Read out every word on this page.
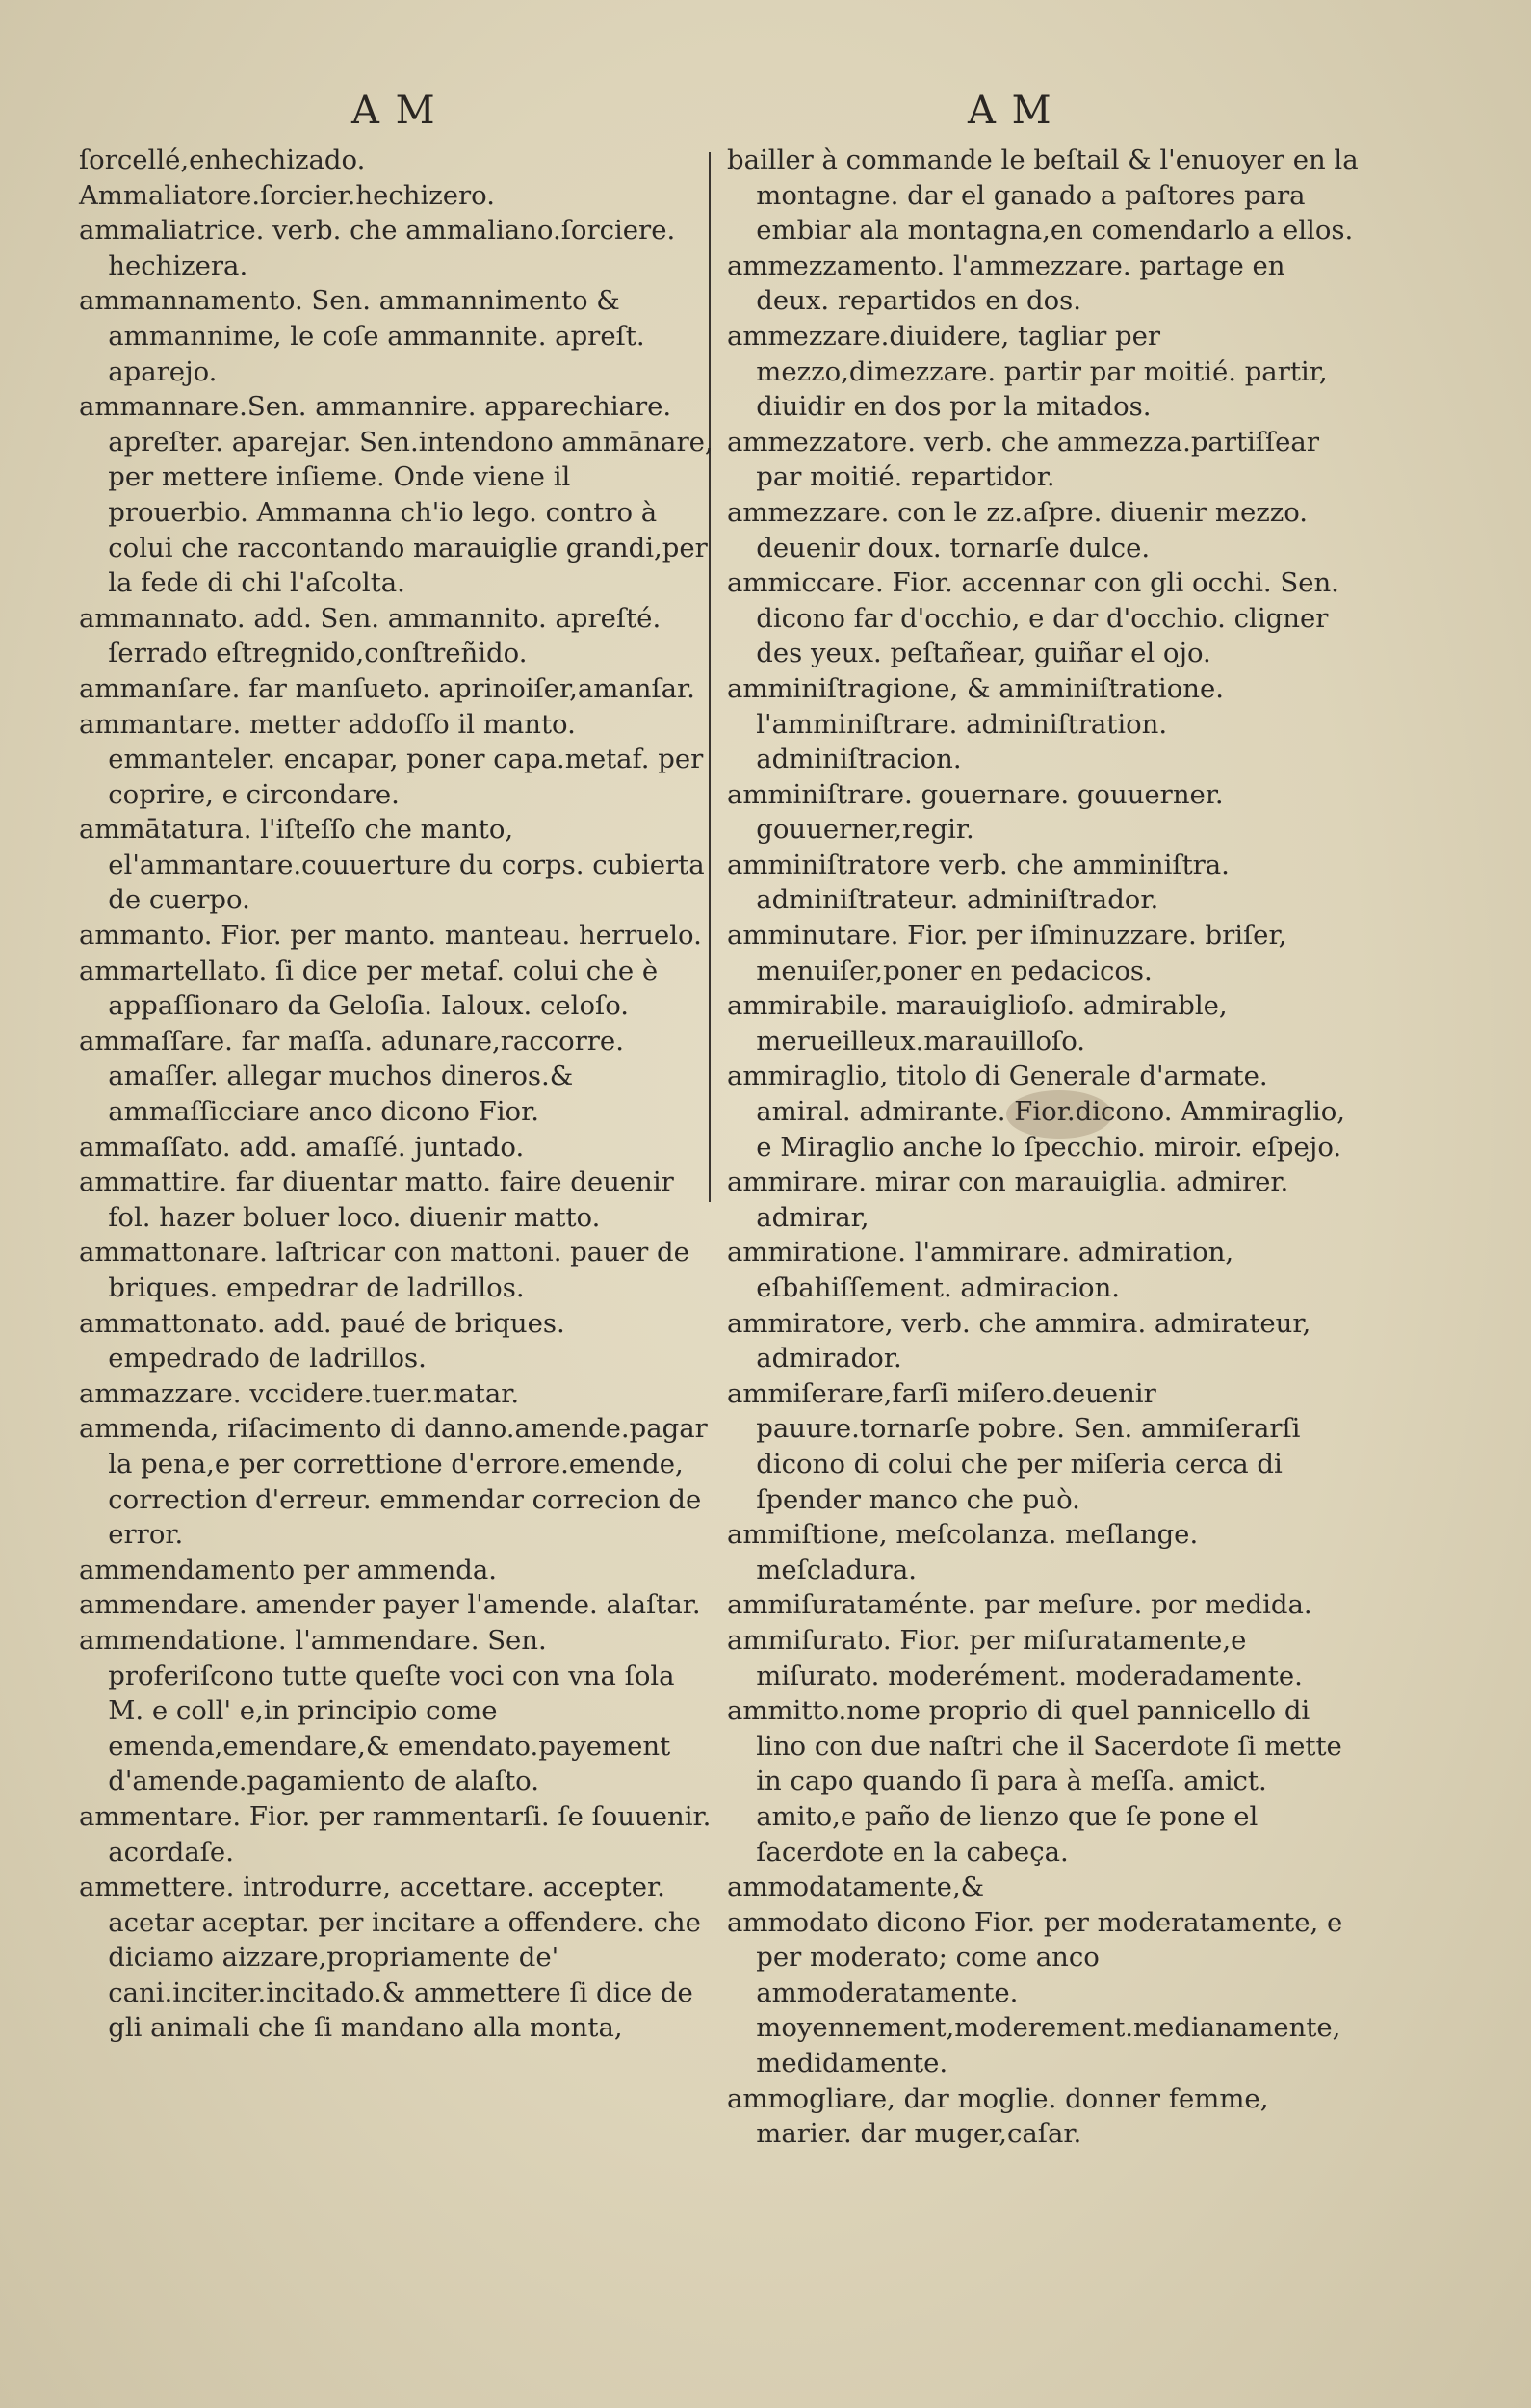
A M	A M

ſorcellé,enhechizado.

Ammaliatore.ſorcier.hechizero.

ammaliatrice. verb. che ammaliano.ſorciere. hechizera.

ammannamento. Sen. ammannimento & ammannime, le coſe ammannite. apreſt. aparejo.

ammannare.Sen. ammannire. apparechiare. apreſter. aparejar. Sen.intendono ammānare, per mettere inſieme. Onde viene il prouerbio. Ammanna ch'io lego. contro à colui che raccontando marauiglie grandi,per la fede di chi l'aſcolta.

ammannato. add. Sen. ammannito. apreſté. ſerrado eſtregnido,conſtreñido.

ammanſare. far manſueto. aprinoiſer,amanſar.

ammantare. metter addoſſo il manto. emmanteler. encapar, poner capa.metaf. per coprire, e circondare.

ammātatura. l'iſteſſo che manto, el'ammantare.couuerture du corps. cubierta de cuerpo.

ammanto. Fior. per manto. manteau. herruelo.

ammartellato. ſi dice per metaf. colui che è appaſſionaro da Geloſia. Ialoux. celoſo.

ammaſſare. far maſſa. adunare,raccorre. amaſſer. allegar muchos dineros.& ammaſſicciare anco dicono Fior.

ammaſſato. add. amaſſé. juntado.

ammattire. far diuentar matto. faire deuenir fol. hazer boluer loco. diuenir matto.

ammattonare. laſtricar con mattoni. pauer de briques. empedrar de ladrillos.

ammattonato. add. paué de briques. empedrado de ladrillos.

ammazzare. vccidere.tuer.matar.

ammenda, riſacimento di danno.amende.pagar la pena,e per correttione d'errore.emende, correction d'erreur. emmendar correcion de error.

ammendamento per ammenda.

ammendare. amender payer l'amende. alaſtar.

ammendatione. l'ammendare. Sen. proferiſcono tutte queſte voci con vna ſola M. e coll' e,in principio come emenda,emendare,& emendato.payement d'amende.pagamiento de alaſto.

ammentare. Fior. per rammentarſi. ſe ſouuenir. acordaſe.

ammettere. introdurre, accettare. accepter. acetar aceptar. per incitare a offendere. che diciamo aizzare,propriamente de' cani.inciter.incitado.& ammettere ſi dice de gli animali che ſi mandano alla monta,

bailler à commande le beſtail & l'enuoyer en la montagne. dar el ganado a paſtores para embiar ala montagna,en comendarlo a ellos.

ammezzamento. l'ammezzare. partage en deux. repartidos en dos.

ammezzare.diuidere, tagliar per mezzo,dimezzare. partir par moitié. partir, diuidir en dos por la mitados.

ammezzatore. verb. che ammezza.partiſſear par moitié. repartidor.

ammezzare. con le zz.aſpre. diuenir mezzo. deuenir doux. tornarſe dulce.

ammiccare. Fior. accennar con gli occhi. Sen. dicono far d'occhio, e dar d'occhio. cligner des yeux. peſtañear, guiñar el ojo.

amminiſtragione, & amminiſtratione. l'amminiſtrare. adminiſtration. adminiſtracion.

amminiſtrare. gouernare. gouuerner. gouuerner,regir.

amminiſtratore verb. che amminiſtra. adminiſtrateur. adminiſtrador.

amminutare. Fior. per iſminuzzare. briſer, menuiſer,poner en pedacicos.

ammirabile. marauiglioſo. admirable, merueilleux.marauilloſo.

ammiraglio, titolo di Generale d'armate. amiral. admirante. Fior.dicono. Ammiraglio, e Miraglio anche lo ſpecchio. miroir. eſpejo.

ammirare. mirar con marauiglia. admirer. admirar,

ammiratione. l'ammirare. admiration, eſbahiſſement. admiracion.

ammiratore, verb. che ammira. admirateur, admirador.

ammiſerare,farſi miſero.deuenir pauure.tornarſe pobre. Sen. ammiſerarſi dicono di colui che per miſeria cerca di ſpender manco che può.

ammiſtione, meſcolanza. meſlange. meſcladura.

ammiſurataménte. par meſure. por medida.

ammiſurato. Fior. per miſuratamente,e miſurato. moderément. moderadamente.

ammitto.nome proprio di quel pannicello di lino con due naſtri che il Sacerdote ſi mette in capo quando ſi para à meſſa. amict. amito,e paño de lienzo que ſe pone el ſacerdote en la cabeça.

ammodatamente,&

ammodato dicono Fior. per moderatamente, e per moderato; come anco ammoderatamente. moyennement,moderement.medianamente, medidamente.

ammogliare, dar moglie. donner femme, marier. dar muger,caſar.
